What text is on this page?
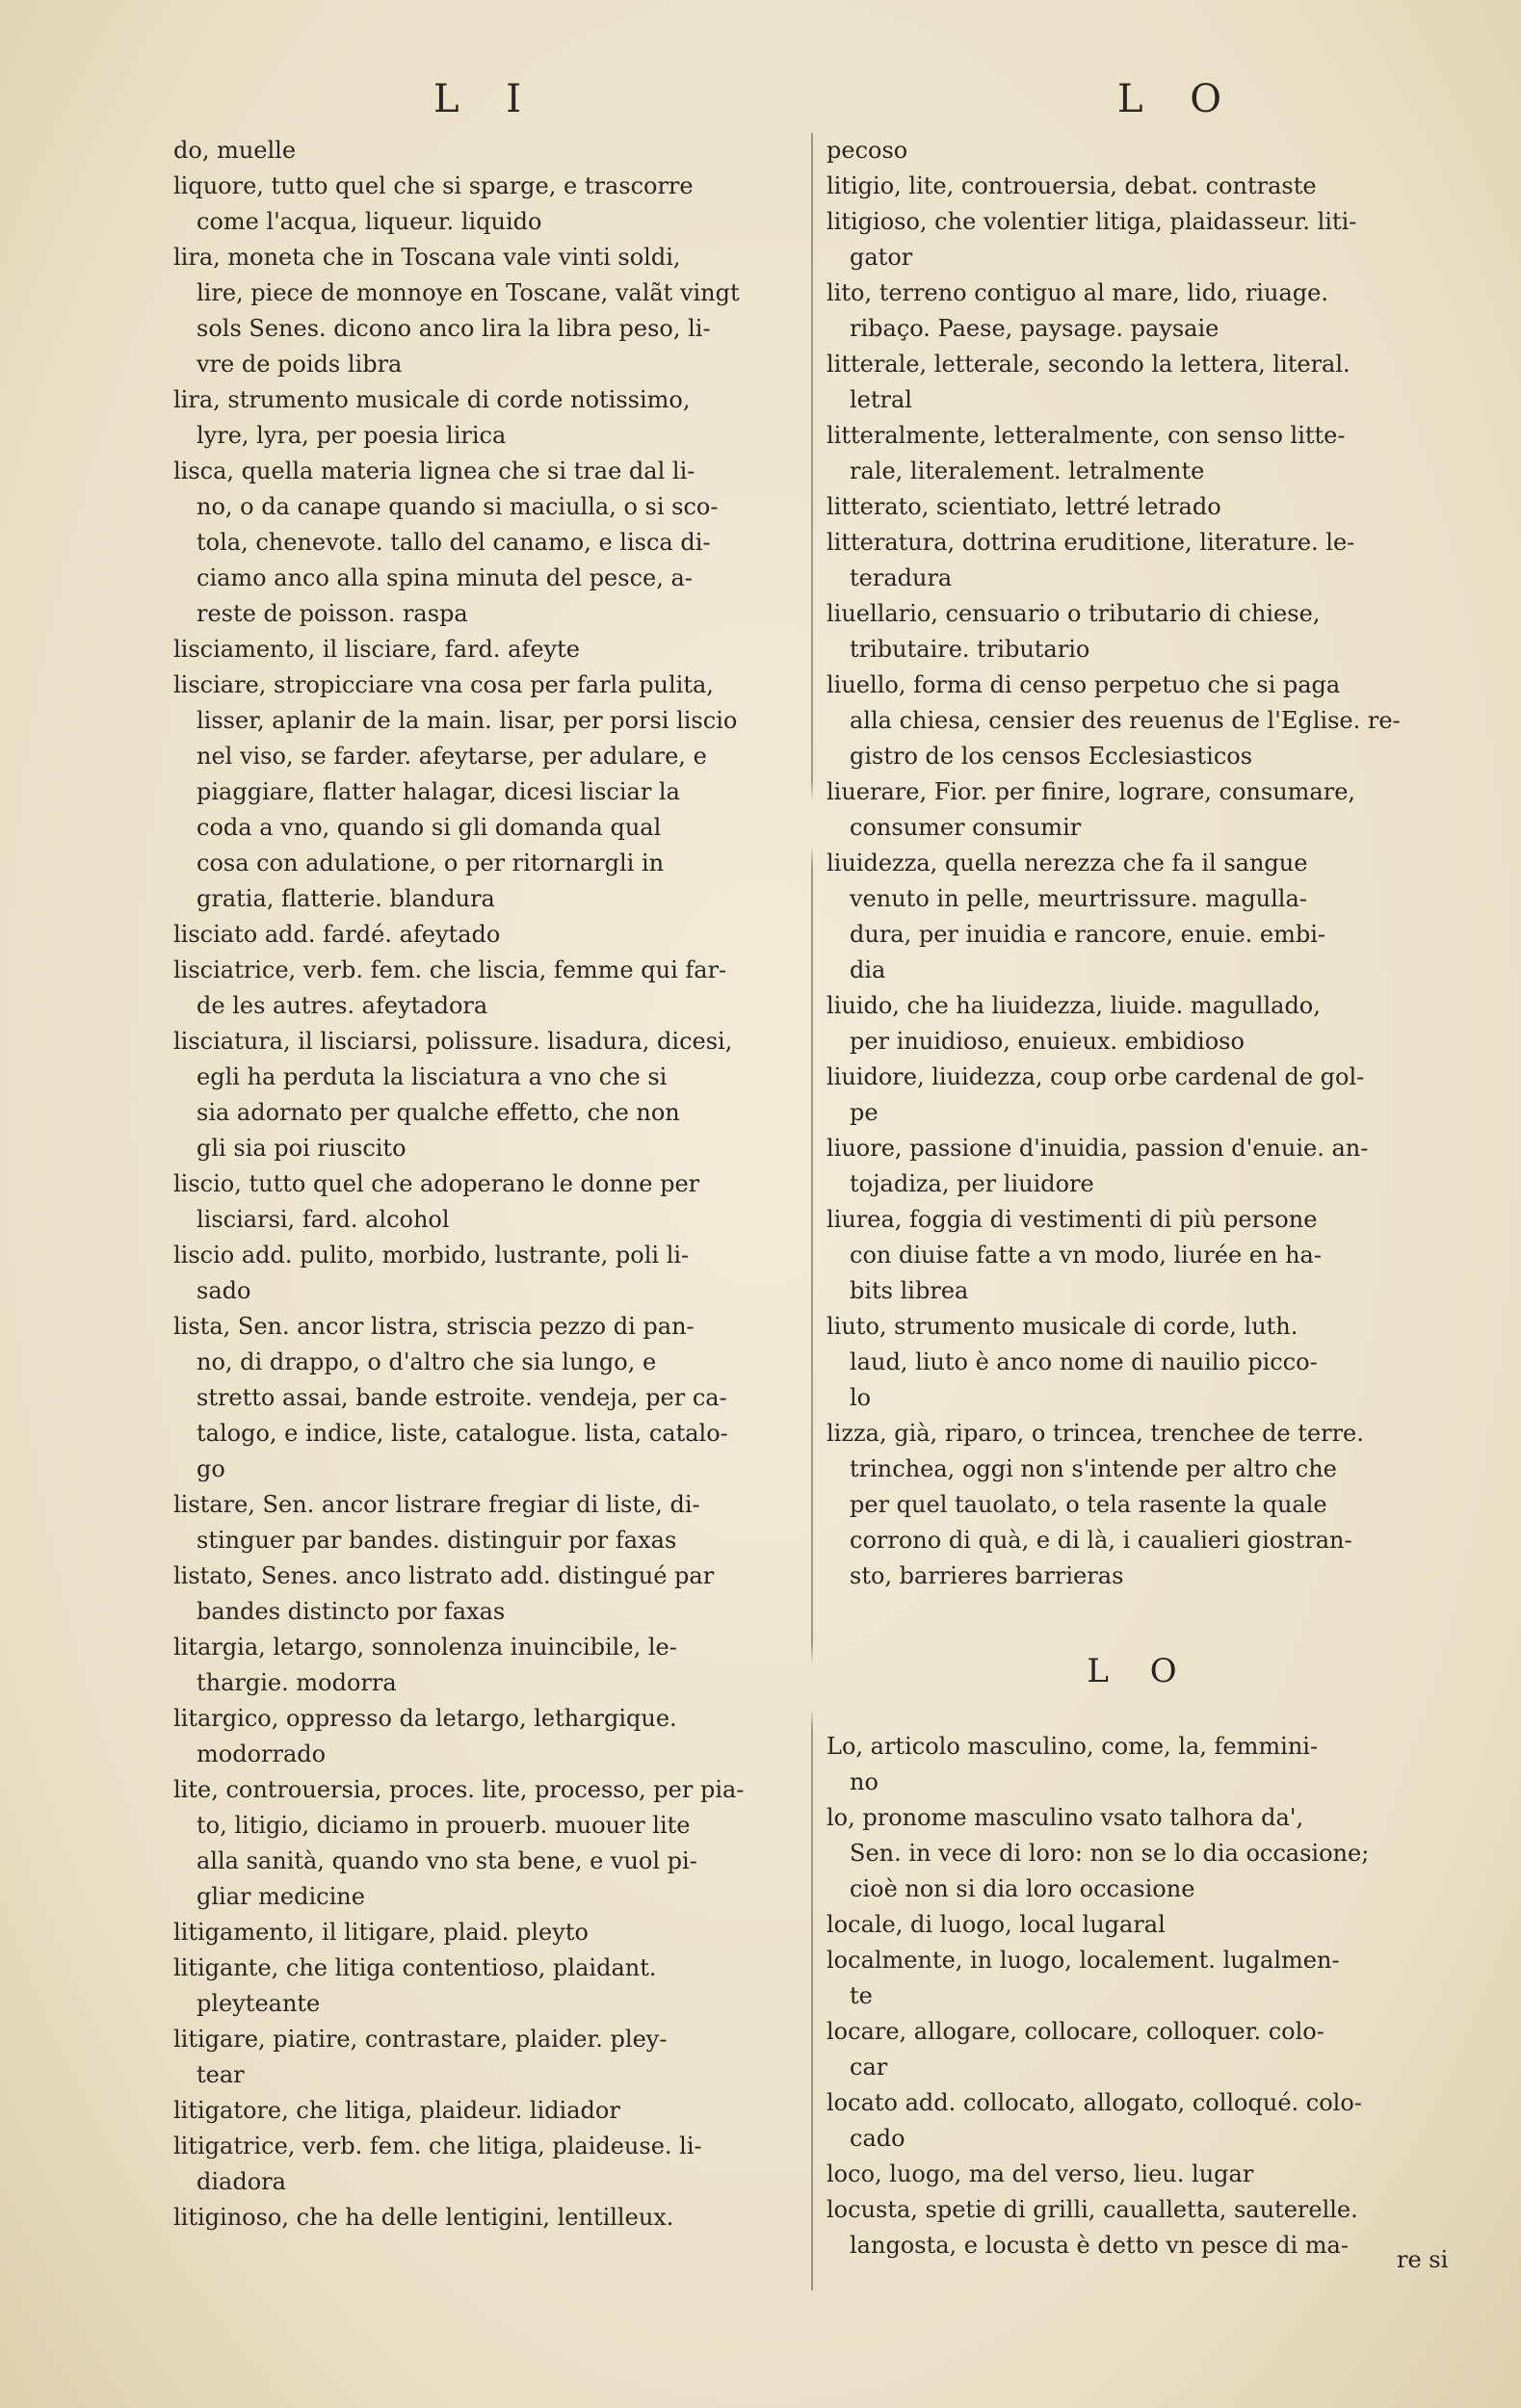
L I	L O
do, muelle
liquore, tutto quel che si sparge, e trascorre
come l'acqua, liqueur. liquido
lira, moneta che in Toscana vale vinti soldi,
lire, piece de monnoye en Toscane, valãt vingt
sols Senes. dicono anco lira la libra peso, li-
vre de poids libra
lira, strumento musicale di corde notissimo,
lyre, lyra, per poesia lirica
lisca, quella materia lignea che si trae dal li-
no, o da canape quando si maciulla, o si sco-
tola, chenevote. tallo del canamo, e lisca di-
ciamo anco alla spina minuta del pesce, a-
reste de poisson. raspa
lisciamento, il lisciare, fard. afeyte
lisciare, stropicciare vna cosa per farla pulita,
lisser, aplanir de la main. lisar, per porsi liscio
nel viso, se farder. afeytarse, per adulare, e
piaggiare, flatter halagar, dicesi lisciar la
coda a vno, quando si gli domanda qual
cosa con adulatione, o per ritornargli in
gratia, flatterie. blandura
lisciato add. fardé. afeytado
lisciatrice, verb. fem. che liscia, femme qui far-
de les autres. afeytadora
lisciatura, il lisciarsi, polissure. lisadura, dicesi,
egli ha perduta la lisciatura a vno che si
sia adornato per qualche effetto, che non
gli sia poi riuscito
liscio, tutto quel che adoperano le donne per
lisciarsi, fard. alcohol
liscio add. pulito, morbido, lustrante, poli li-
sado
lista, Sen. ancor listra, striscia pezzo di pan-
no, di drappo, o d'altro che sia lungo, e
stretto assai, bande estroite. vendeja, per ca-
talogo, e indice, liste, catalogue. lista, catalo-
go
listare, Sen. ancor listrare fregiar di liste, di-
stinguer par bandes. distinguir por faxas
listato, Senes. anco listrato add. distingué par
bandes distincto por faxas
litargia, letargo, sonnolenza inuincibile, le-
thargie. modorra
litargico, oppresso da letargo, lethargique.
modorrado
lite, controuersia, proces. lite, processo, per pia-
to, litigio, diciamo in prouerb. muouer lite
alla sanità, quando vno sta bene, e vuol pi-
gliar medicine
litigamento, il litigare, plaid. pleyto
litigante, che litiga contentioso, plaidant.
pleyteante
litigare, piatire, contrastare, plaider. pley-
tear
litigatore, che litiga, plaideur. lidiador
litigatrice, verb. fem. che litiga, plaideuse. li-
diadora
litiginoso, che ha delle lentigini, lentilleux.
pecoso
litigio, lite, controuersia, debat. contraste
litigioso, che volentier litiga, plaidasseur. liti-
gator
lito, terreno contiguo al mare, lido, riuage.
ribaço. Paese, paysage. paysaie
litterale, letterale, secondo la lettera, literal.
letral
litteralmente, letteralmente, con senso litte-
rale, literalement. letralmente
litterato, scientiato, lettré letrado
litteratura, dottrina eruditione, literature. le-
teradura
liuellario, censuario o tributario di chiese,
tributaire. tributario
liuello, forma di censo perpetuo che si paga
alla chiesa, censier des reuenus de l'Eglise. re-
gistro de los censos Ecclesiasticos
liuerare, Fior. per finire, lograre, consumare,
consumer consumir
liuidezza, quella nerezza che fa il sangue
venuto in pelle, meurtrissure. magulla-
dura, per inuidia e rancore, enuie. embi-
dia
liuido, che ha liuidezza, liuide. magullado,
per inuidioso, enuieux. embidioso
liuidore, liuidezza, coup orbe cardenal de gol-
pe
liuore, passione d'inuidia, passion d'enuie. an-
tojadiza, per liuidore
liurea, foggia di vestimenti di più persone
con diuise fatte a vn modo, liurée en ha-
bits librea
liuto, strumento musicale di corde, luth.
laud, liuto è anco nome di nauilio picco-
lo
lizza, già, riparo, o trincea, trenchee de terre.
trinchea, oggi non s'intende per altro che
per quel tauolato, o tela rasente la quale
corrono di quà, e di là, i caualieri giostran-
sto, barrieres barrieras
L O
Lo, articolo masculino, come, la, femmini-
no
lo, pronome masculino vsato talhora da',
Sen. in vece di loro: non se lo dia occasione;
cioè non si dia loro occasione
locale, di luogo, local lugaral
localmente, in luogo, localement. lugalmen-
te
locare, allogare, collocare, colloquer. colo-
car
locato add. collocato, allogato, colloqué. colo-
cado
loco, luogo, ma del verso, lieu. lugar
locusta, spetie di grilli, caualletta, sauterelle.
langosta, e locusta è detto vn pesce di ma-
re si
